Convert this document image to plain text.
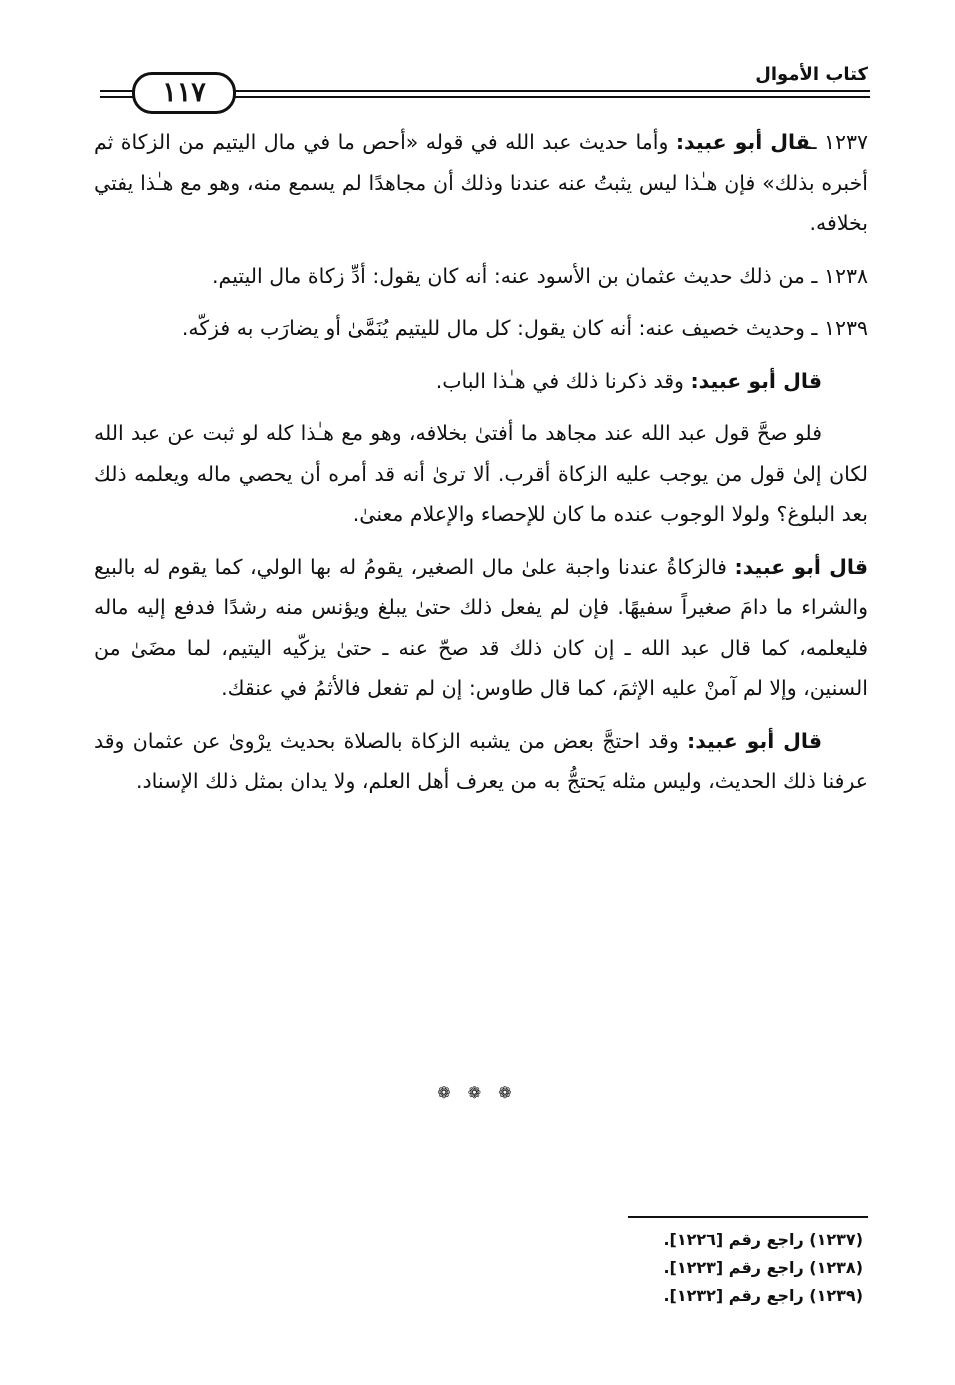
كتاب الأموال
١١٧

١٢٣٧ ـقال أبو عبيد: وأما حديث عبد الله في قوله «أحص ما في مال اليتيم من الزكاة ثم أخبره بذلك» فإن هـٰذا ليس يثبتُ عنه عندنا وذلك أن مجاهدًا لم يسمع منه، وهو مع هـٰذا يفتي بخلافه.

١٢٣٨ ـ من ذلك حديث عثمان بن الأسود عنه: أنه كان يقول: أدِّ زكاة مال اليتيم.

١٢٣٩ ـ وحديث خصيف عنه: أنه كان يقول: كل مال لليتيم يُنَمَّىٰ أو يضارَب به فزكّه.

قال أبو عبيد: وقد ذكرنا ذلك في هـٰذا الباب.

فلو صحَّ قول عبد الله عند مجاهد ما أفتىٰ بخلافه، وهو مع هـٰذا كله لو ثبت عن عبد الله لكان إلىٰ قول من يوجب عليه الزكاة أقرب. ألا ترىٰ أنه قد أمره أن يحصي ماله ويعلمه ذلك بعد البلوغ؟ ولولا الوجوب عنده ما كان للإحصاء والإعلام معنىٰ.

قال أبو عبيد: فالزكاةُ عندنا واجبة علىٰ مال الصغير، يقومُ له بها الولي، كما يقوم له بالبيع والشراء ما دامَ صغيراً سفيهًا. فإن لم يفعل ذلك حتىٰ يبلغ ويؤنس منه رشدًا فدفع إليه ماله فليعلمه، كما قال عبد الله ـ إن كان ذلك قد صحّ عنه ـ حتىٰ يزكّيه اليتيم، لما مضَىٰ من السنين، وإلا لم آمنْ عليه الإثمَ، كما قال طاوس: إن لم تفعل فالأثمُ في عنقك.

قال أبو عبيد: وقد احتجَّ بعض من يشبه الزكاة بالصلاة بحديث يرْوىٰ عن عثمان وقد عرفنا ذلك الحديث، وليس مثله يَحتجُّ به من يعرف أهل العلم، ولا يدان بمثل ذلك الإسناد.

❁ ❁ ❁

(١٢٣٧) راجع رقم [١٢٢٦].

(١٢٣٨) راجع رقم [١٢٢٣].

(١٢٣٩) راجع رقم [١٢٣٢].
